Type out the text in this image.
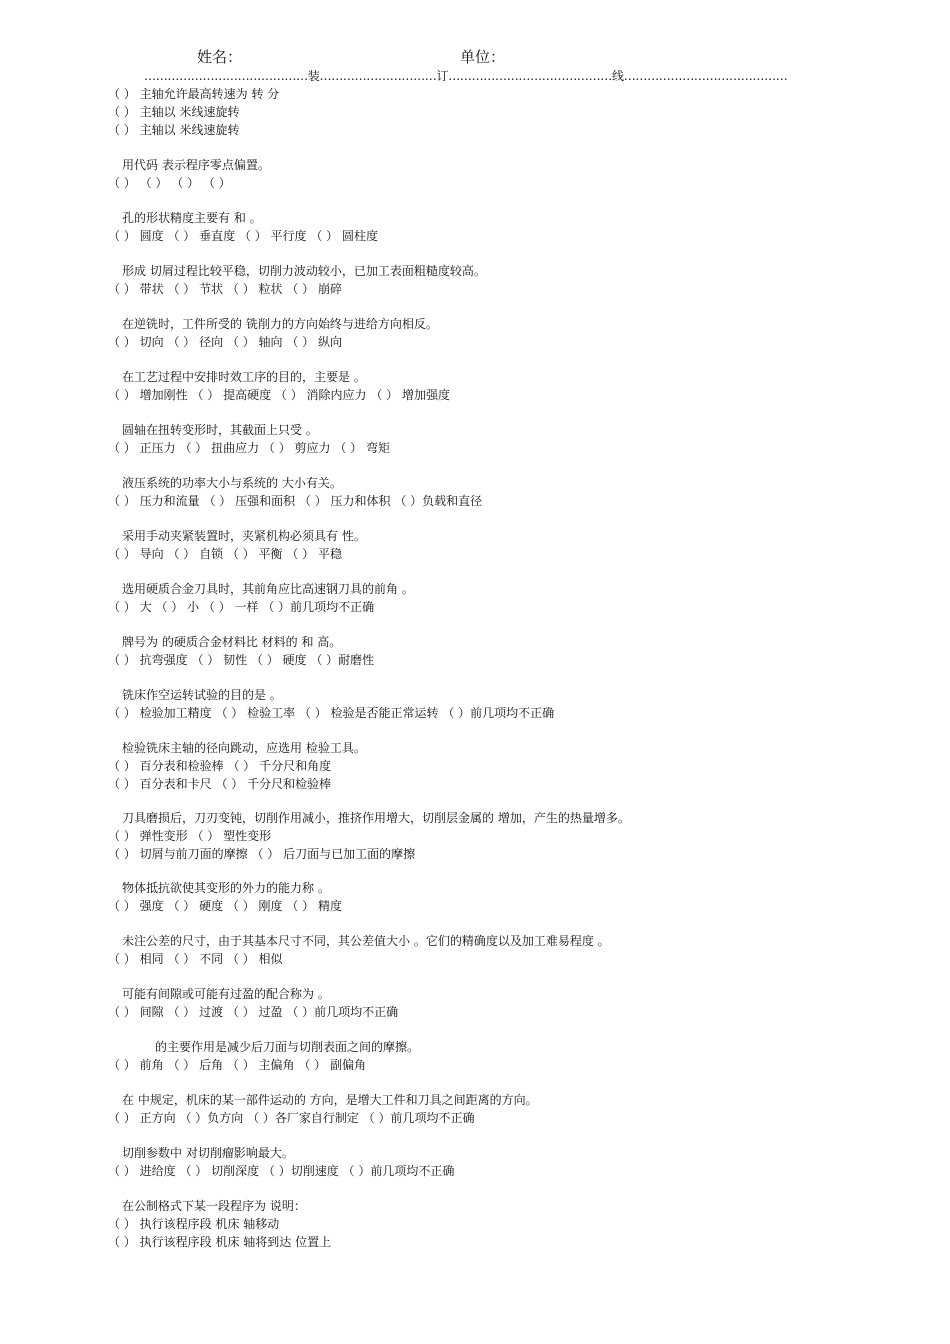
姓名：	单位：
……………………………………装…………………………订……………………………………线……………………………………
（ ） 主轴允许最高转速为 转 分
（ ） 主轴以 米线速旋转
（ ） 主轴以 米线速旋转
用代码 表示程序零点偏置。
（ ） （ ） （ ） （ ）
孔的形状精度主要有 和 。
（ ） 圆度 （ ） 垂直度 （ ） 平行度 （ ） 圆柱度
形成 切屑过程比较平稳，切削力波动较小，已加工表面粗糙度较高。
（ ） 带状 （ ） 节状 （ ） 粒状 （ ） 崩碎
在逆铣时，工件所受的 铣削力的方向始终与进给方向相反。
（ ） 切向 （ ） 径向 （ ） 轴向 （ ） 纵向
在工艺过程中安排时效工序的目的，主要是 。
（ ） 增加刚性 （ ） 提高硬度 （ ） 消除内应力 （ ） 增加强度
圆轴在扭转变形时，其截面上只受 。
（ ） 正压力 （ ） 扭曲应力 （ ） 剪应力 （ ） 弯矩
液压系统的功率大小与系统的 大小有关。
（ ） 压力和流量 （ ） 压强和面积 （ ） 压力和体积 （ ）负载和直径
采用手动夹紧装置时，夹紧机构必须具有 性。
（ ） 导向 （ ） 自锁 （ ） 平衡 （ ） 平稳
选用硬质合金刀具时，其前角应比高速钢刀具的前角 。
（ ） 大 （ ） 小 （ ） 一样 （ ）前几项均不正确
牌号为 的硬质合金材料比 材料的 和 高。
（ ） 抗弯强度 （ ） 韧性 （ ） 硬度 （ ）耐磨性
铣床作空运转试验的目的是 。
（ ） 检验加工精度 （ ） 检验工率 （ ） 检验是否能正常运转 （ ）前几项均不正确
检验铣床主轴的径向跳动，应选用 检验工具。
（ ） 百分表和检验棒 （ ） 千分尺和角度
（ ） 百分表和卡尺 （ ） 千分尺和检验棒
刀具磨损后，刀刃变钝，切削作用减小，推挤作用增大，切削层金属的 增加，产生的热量增多。
（ ） 弹性变形 （ ） 塑性变形
（ ） 切屑与前刀面的摩擦 （ ） 后刀面与已加工面的摩擦
物体抵抗欲使其变形的外力的能力称 。
（ ） 强度 （ ） 硬度 （ ） 刚度 （ ） 精度
未注公差的尺寸，由于其基本尺寸不同，其公差值大小 。它们的精确度以及加工难易程度 。
（ ） 相同 （ ） 不同 （ ） 相似
可能有间隙或可能有过盈的配合称为 。
（ ） 间隙 （ ） 过渡 （ ） 过盈 （ ）前几项均不正确
的主要作用是减少后刀面与切削表面之间的摩擦。
（ ） 前角 （ ） 后角 （ ） 主偏角 （ ） 副偏角
在 中规定，机床的某一部件运动的 方向，是增大工件和刀具之间距离的方向。
（ ） 正方向 （ ）负方向 （ ）各厂家自行制定 （ ）前几项均不正确
切削参数中 对切削瘤影响最大。
（ ） 进给度 （ ） 切削深度 （ ）切削速度 （ ）前几项均不正确
在公制格式下某一段程序为 说明：
（ ） 执行该程序段 机床 轴移动
（ ） 执行该程序段 机床 轴将到达 位置上
